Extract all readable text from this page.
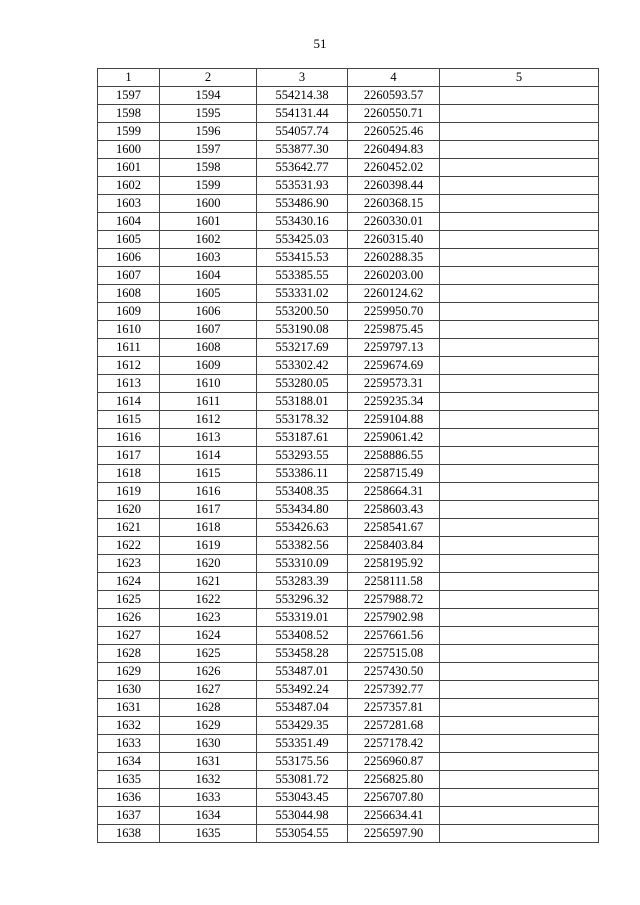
51
1	2	3	4	5
1597	1594	554214.38	2260593.57	
1598	1595	554131.44	2260550.71	
1599	1596	554057.74	2260525.46	
1600	1597	553877.30	2260494.83	
1601	1598	553642.77	2260452.02	
1602	1599	553531.93	2260398.44	
1603	1600	553486.90	2260368.15	
1604	1601	553430.16	2260330.01	
1605	1602	553425.03	2260315.40	
1606	1603	553415.53	2260288.35	
1607	1604	553385.55	2260203.00	
1608	1605	553331.02	2260124.62	
1609	1606	553200.50	2259950.70	
1610	1607	553190.08	2259875.45	
1611	1608	553217.69	2259797.13	
1612	1609	553302.42	2259674.69	
1613	1610	553280.05	2259573.31	
1614	1611	553188.01	2259235.34	
1615	1612	553178.32	2259104.88	
1616	1613	553187.61	2259061.42	
1617	1614	553293.55	2258886.55	
1618	1615	553386.11	2258715.49	
1619	1616	553408.35	2258664.31	
1620	1617	553434.80	2258603.43	
1621	1618	553426.63	2258541.67	
1622	1619	553382.56	2258403.84	
1623	1620	553310.09	2258195.92	
1624	1621	553283.39	2258111.58	
1625	1622	553296.32	2257988.72	
1626	1623	553319.01	2257902.98	
1627	1624	553408.52	2257661.56	
1628	1625	553458.28	2257515.08	
1629	1626	553487.01	2257430.50	
1630	1627	553492.24	2257392.77	
1631	1628	553487.04	2257357.81	
1632	1629	553429.35	2257281.68	
1633	1630	553351.49	2257178.42	
1634	1631	553175.56	2256960.87	
1635	1632	553081.72	2256825.80	
1636	1633	553043.45	2256707.80	
1637	1634	553044.98	2256634.41	
1638	1635	553054.55	2256597.90	
